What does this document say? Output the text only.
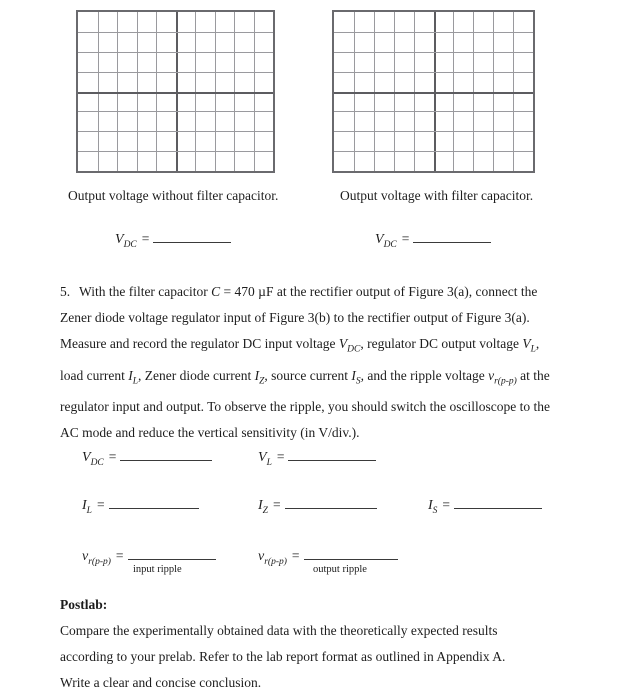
Output voltage without filter capacitor.	Output voltage with filter capacitor.
$V_{DC}$ =	$V_{DC}$ =
5. With the filter capacitor C = 470 µF at the rectifier output of Figure 3(a), connect the Zener diode voltage regulator input of Figure 3(b) to the rectifier output of Figure 3(a). Measure and record the regulator DC input voltage $V_{DC}$, regulator DC output voltage $V_L$, load current $I_L$, Zener diode current $I_Z$, source current $I_S$, and the ripple voltage $v_{r(p-p)}$ at the regulator input and output. To observe the ripple, you should switch the oscilloscope to the AC mode and reduce the vertical sensitivity (in V/div.).
$V_{DC}$ =	$V_L$ =
$I_L$ =	$I_Z$ =	$I_S$ =
$v_{r(p-p)}$ =
input ripple
$v_{r(p-p)}$ =
output ripple
Postlab:
Compare the experimentally obtained data with the theoretically expected results
according to your prelab. Refer to the lab report format as outlined in Appendix A.
Write a clear and concise conclusion.
